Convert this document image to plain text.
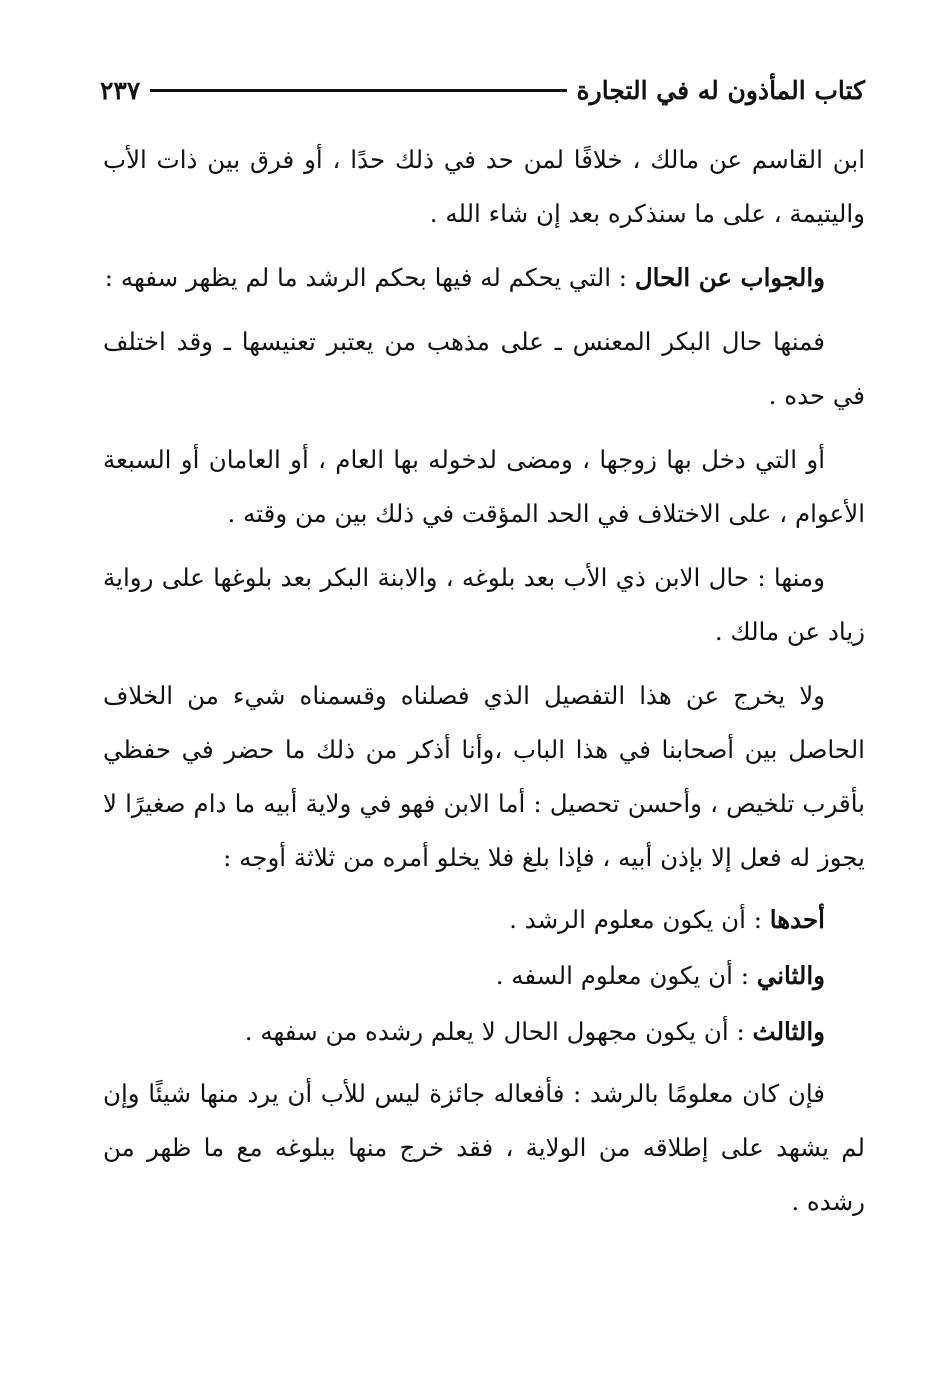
كتاب المأذون له في التجارة
٢٣٧

ابن القاسم عن مالك ، خلافًا لمن حد في ذلك حدًا ، أو فرق بين ذات الأب واليتيمة ، على ما سنذكره بعد إن شاء الله .

والجواب عن الحال : التي يحكم له فيها بحكم الرشد ما لم يظهر سفهه :

فمنها حال البكر المعنس ـ على مذهب من يعتبر تعنيسها ـ وقد اختلف في حده .

أو التي دخل بها زوجها ، ومضى لدخوله بها العام ، أو العامان أو السبعة الأعوام ، على الاختلاف في الحد المؤقت في ذلك بين من وقته .

ومنها : حال الابن ذي الأب بعد بلوغه ، والابنة البكر بعد بلوغها على رواية زياد عن مالك .

ولا يخرج عن هذا التفصيل الذي فصلناه وقسمناه شيء من الخلاف الحاصل بين أصحابنا في هذا الباب ،وأنا أذكر من ذلك ما حضر في حفظي بأقرب تلخيص ، وأحسن تحصيل : أما الابن فهو في ولاية أبيه ما دام صغيرًا لا يجوز له فعل إلا بإذن أبيه ، فإذا بلغ فلا يخلو أمره من ثلاثة أوجه :

أحدها : أن يكون معلوم الرشد .

والثاني : أن يكون معلوم السفه .

والثالث : أن يكون مجهول الحال لا يعلم رشده من سفهه .

فإن كان معلومًا بالرشد : فأفعاله جائزة ليس للأب أن يرد منها شيئًا وإن لم يشهد على إطلاقه من الولاية ، فقد خرج منها ببلوغه مع ما ظهر من رشده .
